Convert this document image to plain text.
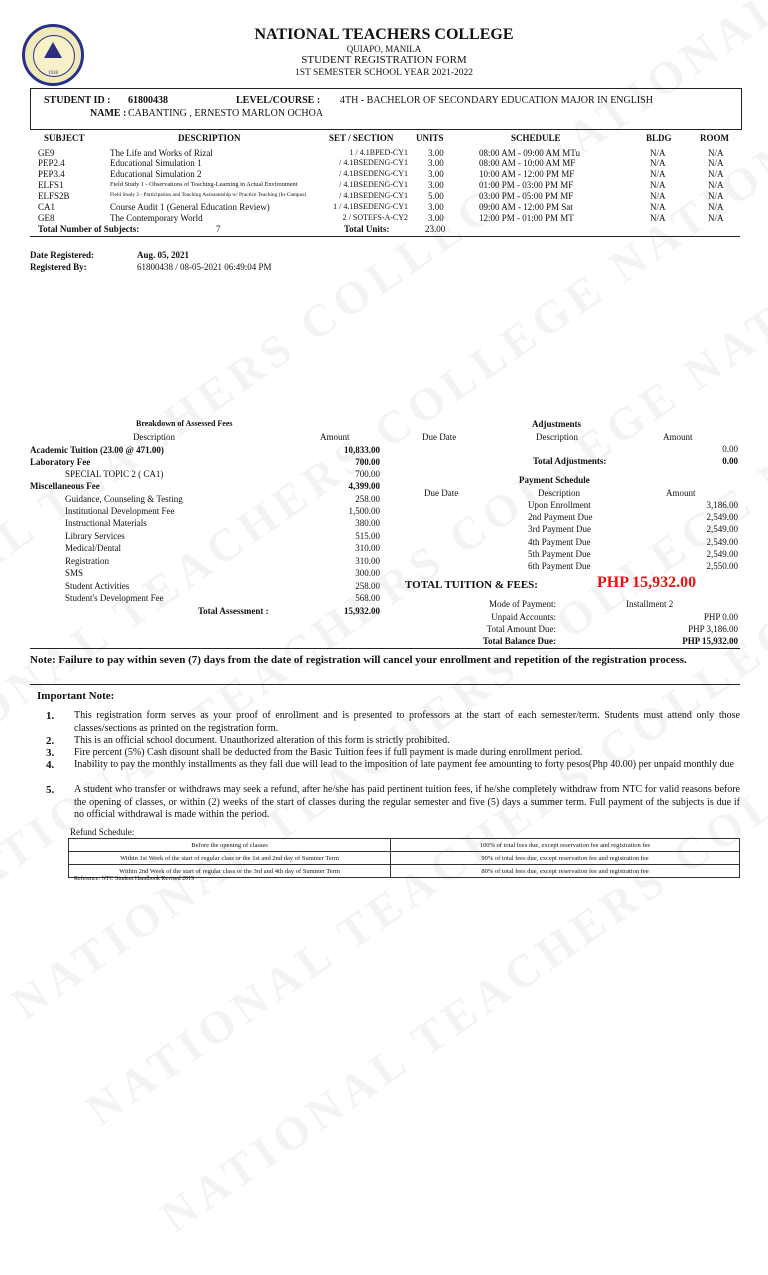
1928
NATIONAL TEACHERS COLLEGE
QUIAPO, MANILA
STUDENT REGISTRATION FORM
1ST SEMESTER SCHOOL YEAR 2021-2022
STUDENT ID : 61800438	LEVEL/COURSE : 4TH - BACHELOR OF SECONDARY EDUCATION MAJOR IN ENGLISH
NAME : CABANTING , ERNESTO MARLON OCHOA
SUBJECT	DESCRIPTION	SET / SECTION	UNITS	SCHEDULE	BLDG	ROOM
GE9	The Life and Works of Rizal	1 / 4.1BPED-CY1 3.00	08:00 AM - 09:00 AM MTu	N/A	N/A
PEP2.4	Educational Simulation 1	/ 4.1BSEDENG-CY1 3.00	08:00 AM - 10:00 AM MF	N/A	N/A
PEP3.4	Educational Simulation 2	/ 4.1BSEDENG-CY1 3.00	10:00 AM - 12:00 PM MF	N/A	N/A
ELFS1	Field Study 1 - Observations of Teaching-Learning in Actual Environment	/ 4.1BSEDENG-CY1 3.00	01:00 PM - 03:00 PM MF	N/A	N/A
ELFS2B	Field Study 2 - Participation and Teaching Assistantship w/ Practice Teaching (In-Campus)	/ 4.1BSEDENG-CY1 5.00	03:00 PM - 05:00 PM MF	N/A	N/A
CA1	Course Audit 1 (General Education Review)	1 / 4.1BSEDENG-CY1 3.00	09:00 AM - 12:00 PM Sat	N/A	N/A
GE8	The Contemporary World	2 / SOTEFS-A-CY2 3.00	12:00 PM - 01:00 PM MT	N/A	N/A
Total Number of Subjects:	7	Total Units:	23.00
Date Registered:	Aug. 05, 2021
Registered By:	61800438 / 08-05-2021 06:49:04 PM
Breakdown of Assessed Fees
Description	Amount	Due Date
Academic Tuition (23.00 @ 471.00)	10,833.00
Laboratory Fee	700.00
SPECIAL TOPIC 2 ( CA1)	700.00
Miscellaneous Fee	4,399.00
Guidance, Counseling & Testing	258.00
Institutional Development Fee	1,500.00
Instructional Materials	380.00
Library Services	515.00
Medical/Dental	310.00
Registration	310.00
SMS	300.00
Student Activities	258.00
Student's Development Fee	568.00
Total Assessment :	15,932.00
Adjustments
Description	Amount
0.00
Total Adjustments:	0.00
Payment Schedule
Due Date	Description	Amount
Upon Enrollment	3,186.00
2nd Payment Due	2,549.00
3rd Payment Due	2,549.00
4th Payment Due	2,549.00
5th Payment Due	2,549.00
6th Payment Due	2,550.00
TOTAL TUITION & FEES:	PHP 15,932.00
Mode of Payment:	Installment 2
Unpaid Accounts:	PHP 0.00
Total Amount Due:	PHP 3,186.00
Total Balance Due:	PHP 15,932.00
Note: Failure to pay within seven (7) days from the date of registration will cancel your enrollment and repetition of the registration process.
Important Note:
1. This registration form serves as your proof of enrollment and is presented to professors at the start of each semester/term. Students must attend only those classes/sections as printed on the registration form.
2. This is an official school document. Unauthorized alteration of this form is strictly prohibited.
3. Fire percent (5%) Cash disount shall be deducted from the Basic Tuition fees if full payment is made during enrollment period.
4. Inability to pay the monthly installments as they fall due will lead to the imposition of late payment fee amounting to forty pesos(Php 40.00) per unpaid monthly due
5. A student who transfer or withdraws may seek a refund, after he/she has paid pertinent tuition fees, if he/she completely withdraw from NTC for valid reasons before the opening of classes, or within (2) weeks of the start of classes during the regular semester and five (5) days a summer term. Full payment of the subjects is due if no official withdrawal is made within the period.
Refund Schedule:
Before the opening of classes	100% of total fees due, except reservation fee and registration fee
Within 1st Week of the start of regular class or the 1st and 2nd day of Summer Term	90% of total fees due, except reservation fee and registration fee
Within 2nd Week of the start of regular class or the 3rd and 4th day of Summer Term	80% of total fees due, except reservation fee and registration fee
Reference: NTC Student Handbook Revised 2019
